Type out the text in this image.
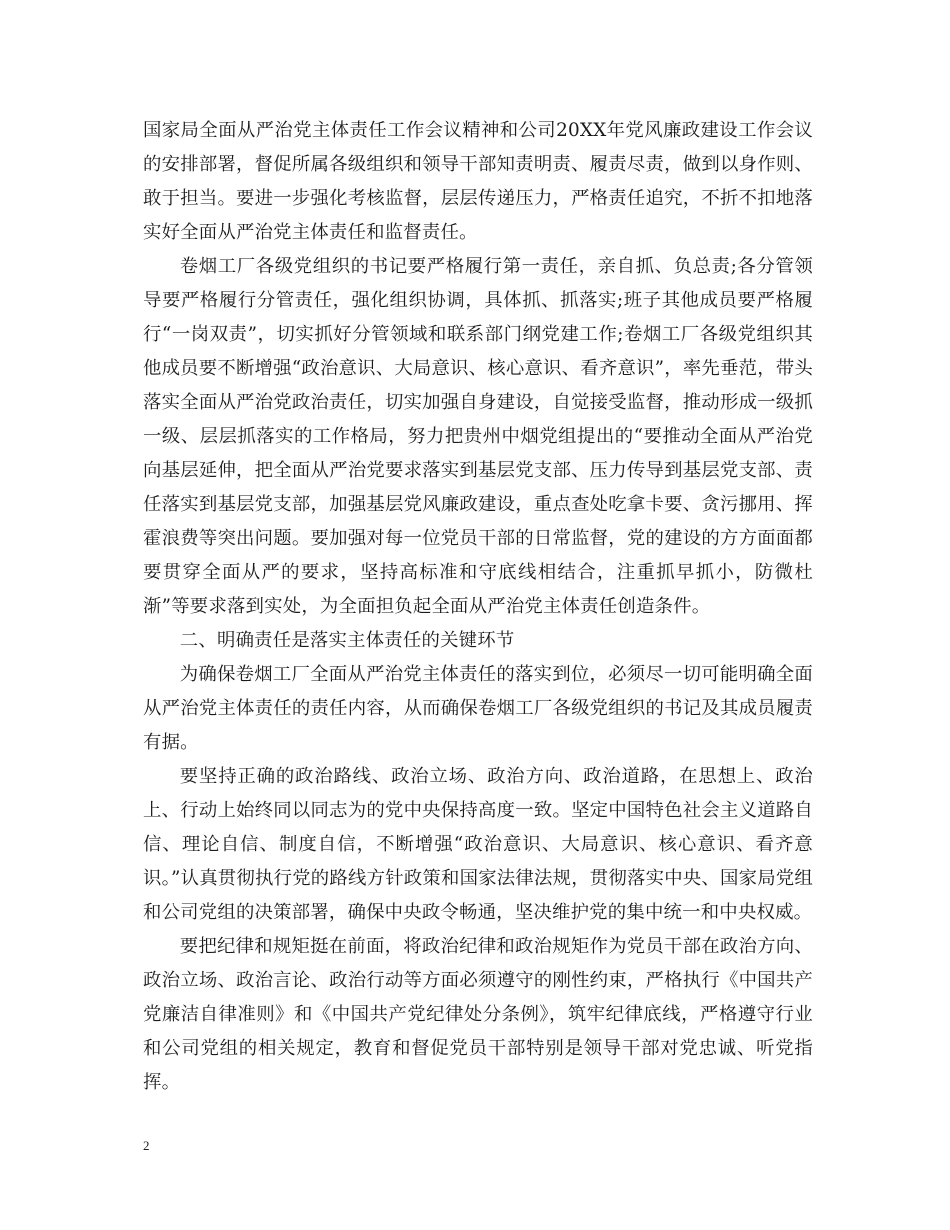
国家局全面从严治党主体责任工作会议精神和公司20XX年党风廉政建设工作会议的安排部署，督促所属各级组织和领导干部知责明责、履责尽责，做到以身作则、敢于担当。要进一步强化考核监督，层层传递压力，严格责任追究，不折不扣地落实好全面从严治党主体责任和监督责任。

卷烟工厂各级党组织的书记要严格履行第一责任，亲自抓、负总责;各分管领导要严格履行分管责任，强化组织协调，具体抓、抓落实;班子其他成员要严格履行“一岗双责”，切实抓好分管领域和联系部门纲党建工作;卷烟工厂各级党组织其他成员要不断增强“政治意识、大局意识、核心意识、看齐意识”，率先垂范，带头落实全面从严治党政治责任，切实加强自身建设，自觉接受监督，推动形成一级抓一级、层层抓落实的工作格局，努力把贵州中烟党组提出的“要推动全面从严治党向基层延伸，把全面从严治党要求落实到基层党支部、压力传导到基层党支部、责任落实到基层党支部，加强基层党风廉政建设，重点查处吃拿卡要、贪污挪用、挥霍浪费等突出问题。要加强对每一位党员干部的日常监督，党的建设的方方面面都要贯穿全面从严的要求，坚持高标准和守底线相结合，注重抓早抓小，防微杜渐”等要求落到实处，为全面担负起全面从严治党主体责任创造条件。

二、明确责任是落实主体责任的关键环节

为确保卷烟工厂全面从严治党主体责任的落实到位，必须尽一切可能明确全面从严治党主体责任的责任内容，从而确保卷烟工厂各级党组织的书记及其成员履责有据。

要坚持正确的政治路线、政治立场、政治方向、政治道路，在思想上、政治上、行动上始终同以同志为的党中央保持高度一致。坚定中国特色社会主义道路自信、理论自信、制度自信，不断增强“政治意识、大局意识、核心意识、看齐意识。”认真贯彻执行党的路线方针政策和国家法律法规，贯彻落实中央、国家局党组和公司党组的决策部署，确保中央政令畅通，坚决维护党的集中统一和中央权威。

要把纪律和规矩挺在前面，将政治纪律和政治规矩作为党员干部在政治方向、政治立场、政治言论、政治行动等方面必须遵守的刚性约束，严格执行《中国共产党廉洁自律准则》和《中国共产党纪律处分条例》，筑牢纪律底线，严格遵守行业和公司党组的相关规定，教育和督促党员干部特别是领导干部对党忠诚、听党指挥。

2
